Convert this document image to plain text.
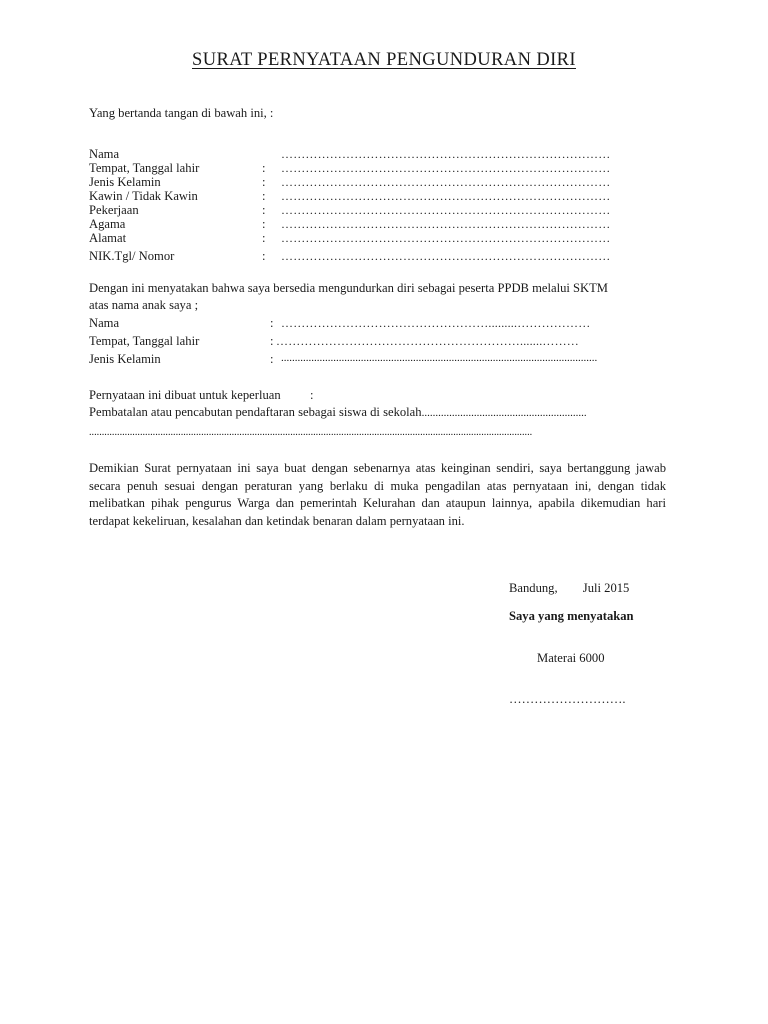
SURAT PERNYATAAN PENGUNDURAN DIRI
Yang bertanda tangan di bawah ini, :
Nama	………………………………………………………………………
Tempat, Tanggal lahir	: ………………………………………………………………………
Jenis Kelamin	: ………………………………………………………………………
Kawin / Tidak Kawin	: ………………………………………………………………………
Pekerjaan	: ………………………………………………………………………
Agama	: ………………………………………………………………………
Alamat	: ………………………………………………………………………
NIK.Tgl/ Nomor	: ………………………………………………………………………
Dengan ini menyatakan bahwa saya bersedia mengundurkan diri sebagai peserta PPDB melalui SKTM
atas nama anak saya ;
Nama	: …………………………………………….........………………
Tempat, Tanggal lahir	: …………………………………………………….......………
Jenis Kelamin	: ...................................................................................................................
Pernyataan ini dibuat untuk keperluan :
Pembatalan atau pencabutan pendaftaran sebagai siswa di sekolah............................................................
..............................................................................................................................................................................
Demikian Surat pernyataan ini saya buat dengan sebenarnya atas keinginan sendiri, saya bertanggung jawab secara penuh sesuai dengan peraturan yang berlaku di muka pengadilan atas pernyataan ini, dengan tidak melibatkan pihak pengurus Warga dan pemerintah Kelurahan dan ataupun lainnya, apabila dikemudian hari terdapat kekeliruan, kesalahan dan ketindak benaran dalam pernyataan ini.
Bandung,        Juli 2015
Saya yang menyatakan
Materai 6000
……………………….
